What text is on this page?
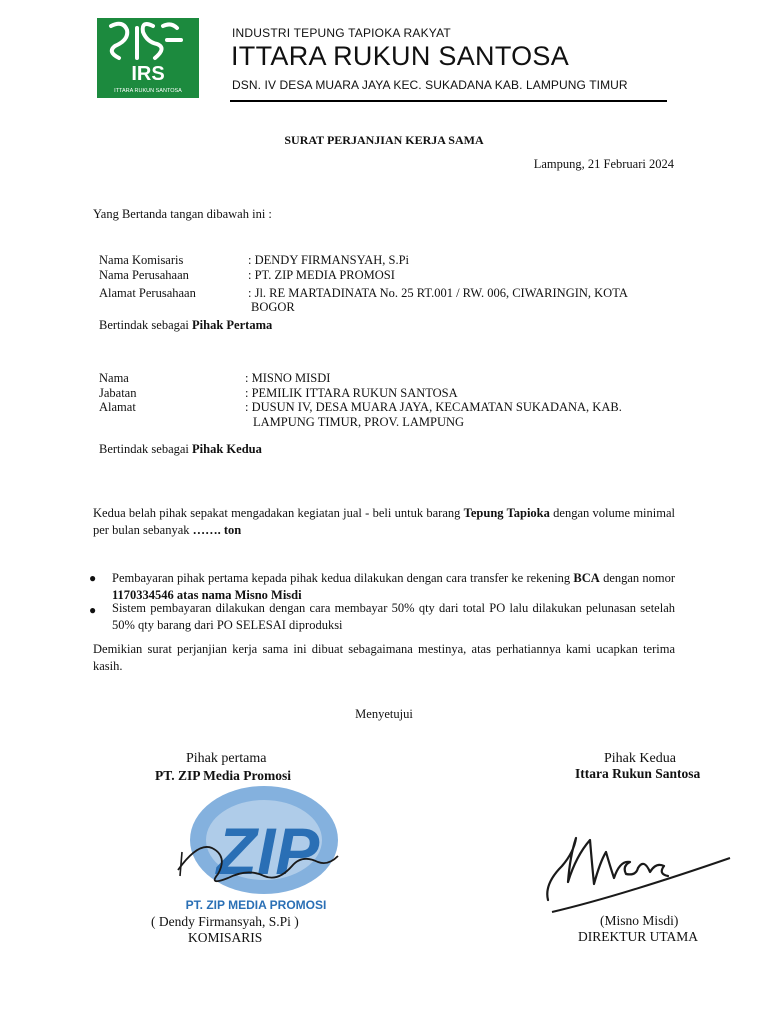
IRS
ITTARA RUKUN SANTOSA
INDUSTRI TEPUNG TAPIOKA RAKYAT
ITTARA RUKUN SANTOSA
DSN. IV DESA MUARA JAYA KEC. SUKADANA KAB. LAMPUNG TIMUR
SURAT PERJANJIAN KERJA SAMA
Lampung, 21 Februari 2024
Yang Bertanda tangan dibawah ini :
Nama Komisaris	: DENDY FIRMANSYAH, S.Pi
Nama Perusahaan	: PT. ZIP MEDIA PROMOSI
Alamat Perusahaan	: Jl. RE MARTADINATA No. 25 RT.001 / RW. 006, CIWARINGIN, KOTA
BOGOR
Bertindak sebagai Pihak Pertama
Nama	: MISNO MISDI
Jabatan	: PEMILIK ITTARA RUKUN SANTOSA
Alamat	: DUSUN IV, DESA MUARA JAYA, KECAMATAN SUKADANA, KAB.
LAMPUNG TIMUR, PROV. LAMPUNG
Bertindak sebagai Pihak Kedua
Kedua belah pihak sepakat mengadakan kegiatan jual - beli untuk barang Tepung Tapioka dengan volume minimal per bulan sebanyak ……. ton
● Pembayaran pihak pertama kepada pihak kedua dilakukan dengan cara transfer ke rekening BCA dengan nomor 1170334546 atas nama Misno Misdi
● Sistem pembayaran dilakukan dengan cara membayar 50% qty dari total PO lalu dilakukan pelunasan setelah 50% qty barang dari PO SELESAI diproduksi
Demikian surat perjanjian kerja sama ini dibuat sebagaimana mestinya, atas perhatiannya kami ucapkan terima kasih.
Menyetujui
Pihak pertama
PT. ZIP Media Promosi
ZIP
PT. ZIP MEDIA PROMOSI
( Dendy Firmansyah, S.Pi )
KOMISARIS
Pihak Kedua
Ittara Rukun Santosa
(Misno Misdi)
DIREKTUR UTAMA
